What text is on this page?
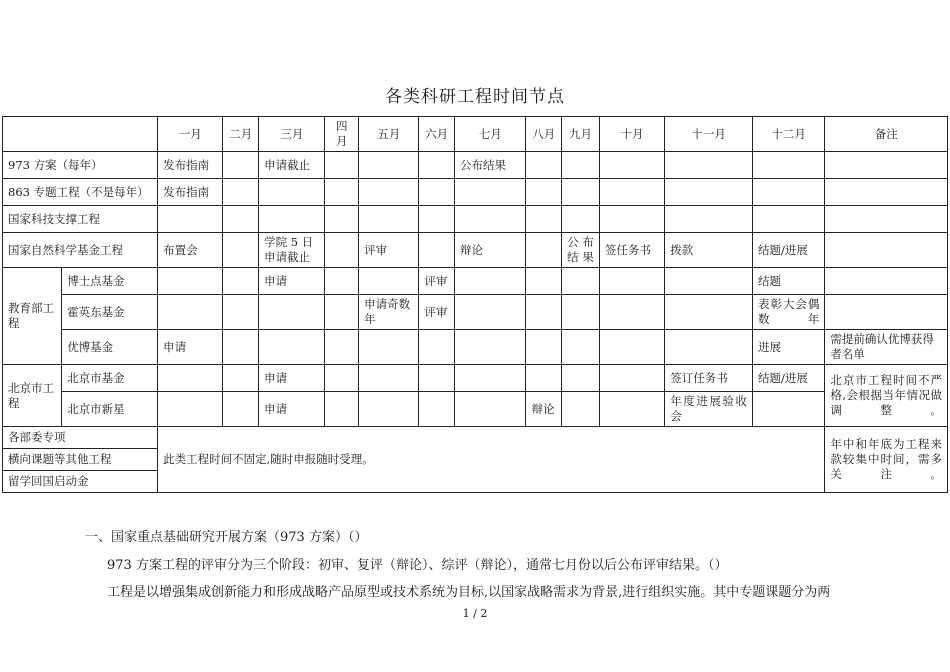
各类科研工程时间节点
		一月	二月	三月	四月	五月	六月	七月	八月	九月	十月	十一月	十二月	备注
973 方案（每年）		发布指南		申请截止				公布结果						
863 专题工程（不是每年）		发布指南												
国家科技支撑工程														
国家自然科学基金工程		布置会		学院 5 日申请截止		评审		辩论		公布结果	签任务书	拨款	结题/进展	
教育部工程	博士点基金			申请			评审						结题	
	霍英东基金					申请奇数年	评审						表彰大会偶数年	
	优博基金	申请											进展	需提前确认优博获得者名单
北京市工程	北京市基金			申请								签订任务书	结题/进展	北京市工程时间不严格,会根据当年情况做调整。
	北京市新星			申请					辩论			年度进展验收会		
各部委专项		此类工程时间不固定,随时申报随时受理。												年中和年底为工程来款较集中时间，需多关注。
横向课题等其他工程														
留学回国启动金														
一、国家重点基础研究开展方案（973 方案）（）
973 方案工程的评审分为三个阶段：初审、复评（辩论）、综评（辩论），通常七月份以后公布评审结果。（）
工程是以增强集成创新能力和形成战略产品原型或技术系统为目标,以国家战略需求为背景,进行组织实施。其中专题课题分为两
1 / 2
